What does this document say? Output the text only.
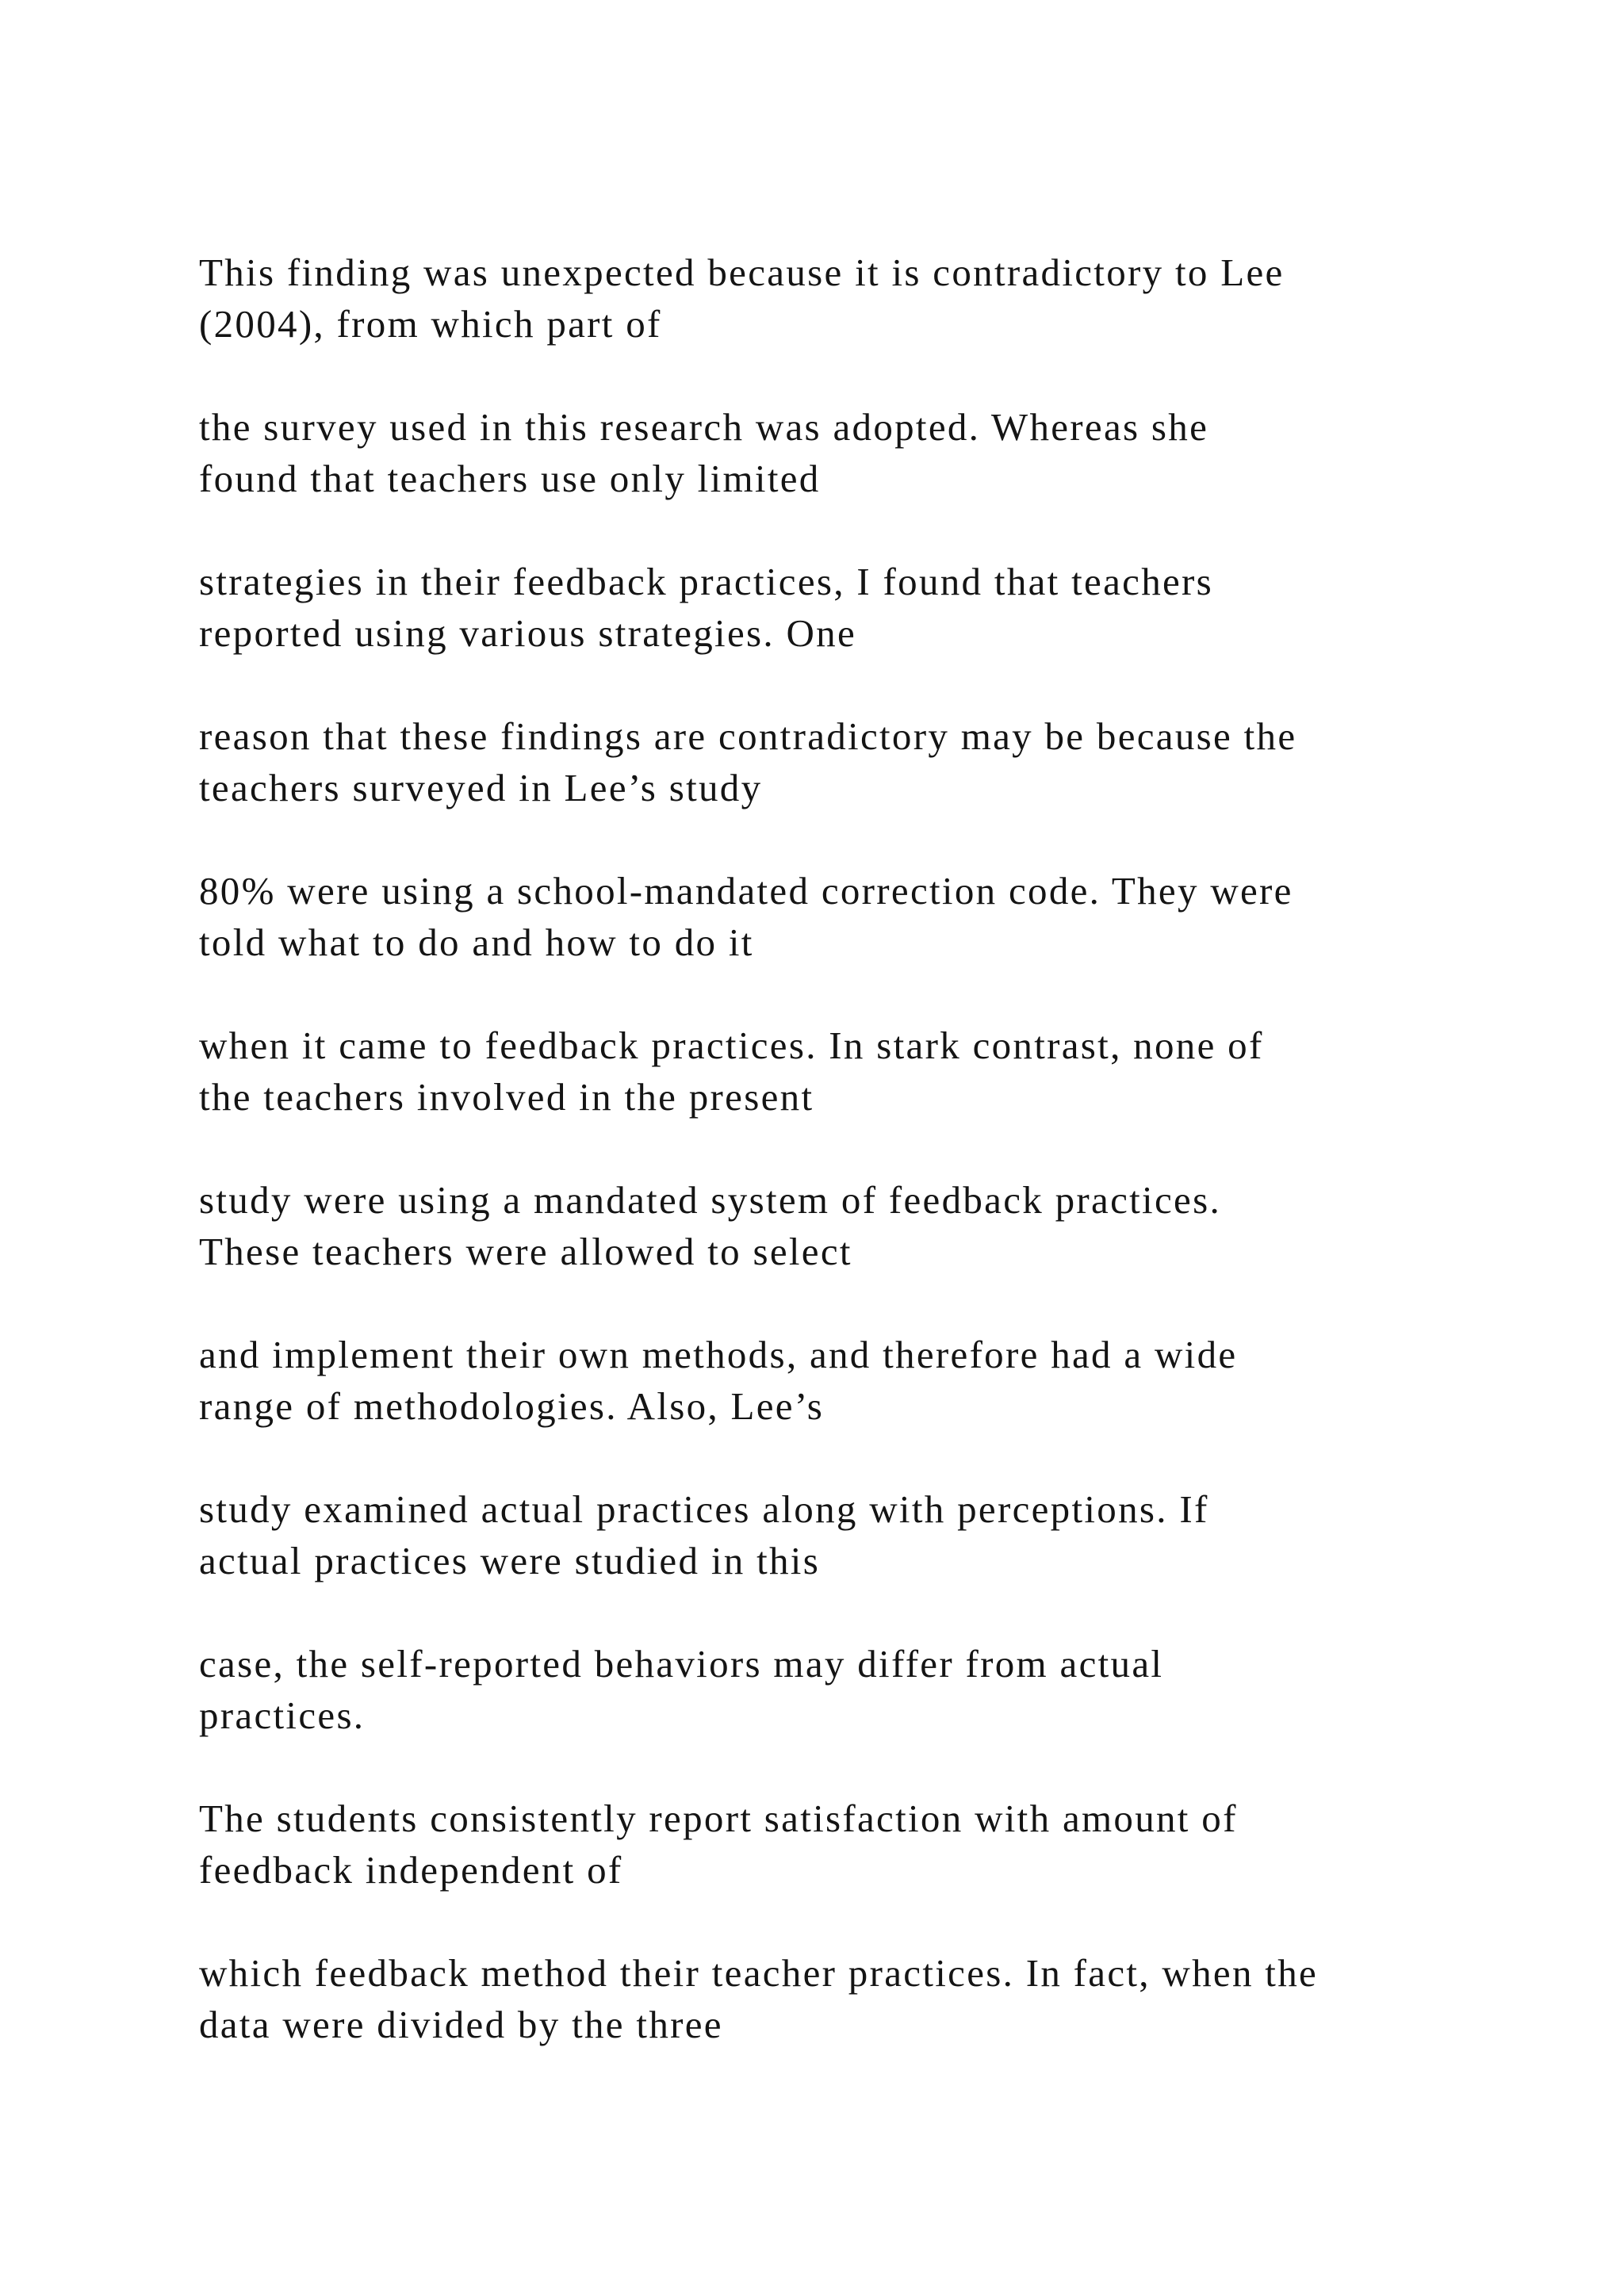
This finding was unexpected because it is contradictory to Lee
(2004), from which part of

the survey used in this research was adopted. Whereas she
found that teachers use only limited

strategies in their feedback practices, I found that teachers
reported using various strategies. One

reason that these findings are contradictory may be because the
teachers surveyed in Lee’s study

80% were using a school-mandated correction code. They were
told what to do and how to do it

when it came to feedback practices. In stark contrast, none of
the teachers involved in the present

study were using a mandated system of feedback practices.
These teachers were allowed to select

and implement their own methods, and therefore had a wide
range of methodologies. Also, Lee’s

study examined actual practices along with perceptions. If
actual practices were studied in this

case, the self-reported behaviors may differ from actual
practices.

The students consistently report satisfaction with amount of
feedback independent of

which feedback method their teacher practices. In fact, when the
data were divided by the three
